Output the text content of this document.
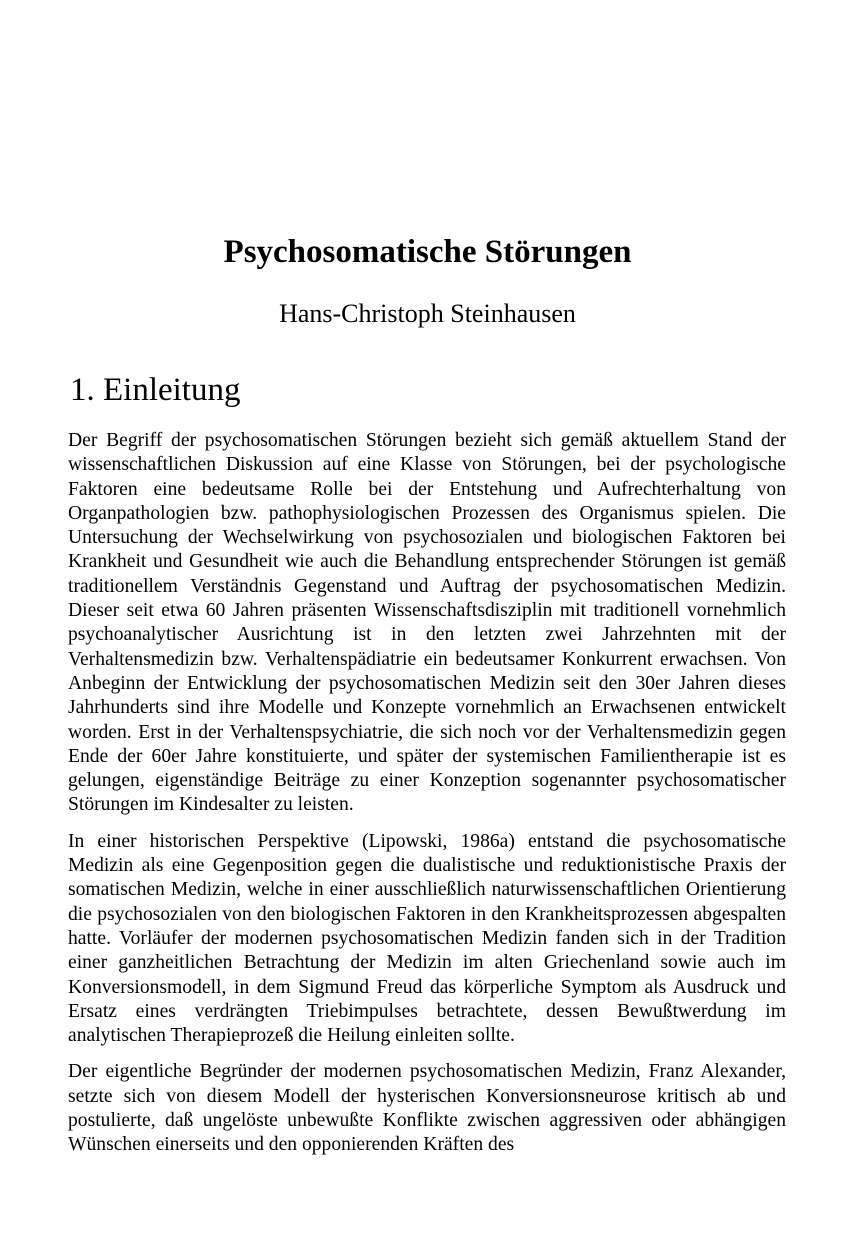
Psychosomatische Störungen
Hans-Christoph Steinhausen
1. Einleitung

Der Begriff der psychosomatischen Störungen bezieht sich gemäß aktuellem Stand der wissenschaftlichen Diskussion auf eine Klasse von Störungen, bei der psychologische Faktoren eine bedeutsame Rolle bei der Entstehung und Aufrechterhaltung von Organpathologien bzw. pathophysiologischen Prozessen des Organismus spielen. Die Untersuchung der Wechselwirkung von psychosozialen und biologischen Faktoren bei Krankheit und Gesundheit wie auch die Behandlung entsprechender Störungen ist gemäß traditionellem Verständnis Gegenstand und Auftrag der psychosomatischen Medizin. Dieser seit etwa 60 Jahren präsenten Wissenschaftsdisziplin mit traditionell vornehmlich psychoanalytischer Ausrichtung ist in den letzten zwei Jahrzehnten mit der Verhaltensmedizin bzw. Verhaltenspädiatrie ein bedeutsamer Konkurrent erwachsen. Von Anbeginn der Entwicklung der psychosomatischen Medizin seit den 30er Jahren dieses Jahrhunderts sind ihre Modelle und Konzepte vornehmlich an Erwachsenen entwickelt worden. Erst in der Verhaltenspsychiatrie, die sich noch vor der Verhaltensmedizin gegen Ende der 60er Jahre konstituierte, und später der systemischen Familientherapie ist es gelungen, eigenständige Beiträge zu einer Konzeption sogenannter psychosomatischer Störungen im Kindesalter zu leisten.

In einer historischen Perspektive (Lipowski, 1986a) entstand die psychosomatische Medizin als eine Gegenposition gegen die dualistische und reduktionistische Praxis der somatischen Medizin, welche in einer ausschließlich naturwissenschaftlichen Orientierung die psychosozialen von den biologischen Faktoren in den Krankheitsprozessen abgespalten hatte. Vorläufer der modernen psychosomatischen Medizin fanden sich in der Tradition einer ganzheitlichen Betrachtung der Medizin im alten Griechenland sowie auch im Konversionsmodell, in dem Sigmund Freud das körperliche Symptom als Ausdruck und Ersatz eines verdrängten Triebimpulses betrachtete, dessen Bewußtwerdung im analytischen Therapieprozeß die Heilung einleiten sollte.

Der eigentliche Begründer der modernen psychosomatischen Medizin, Franz Alexander, setzte sich von diesem Modell der hysterischen Konversionsneurose kritisch ab und postulierte, daß ungelöste unbewußte Konflikte zwischen aggressiven oder abhängigen Wünschen einerseits und den opponierenden Kräften des
